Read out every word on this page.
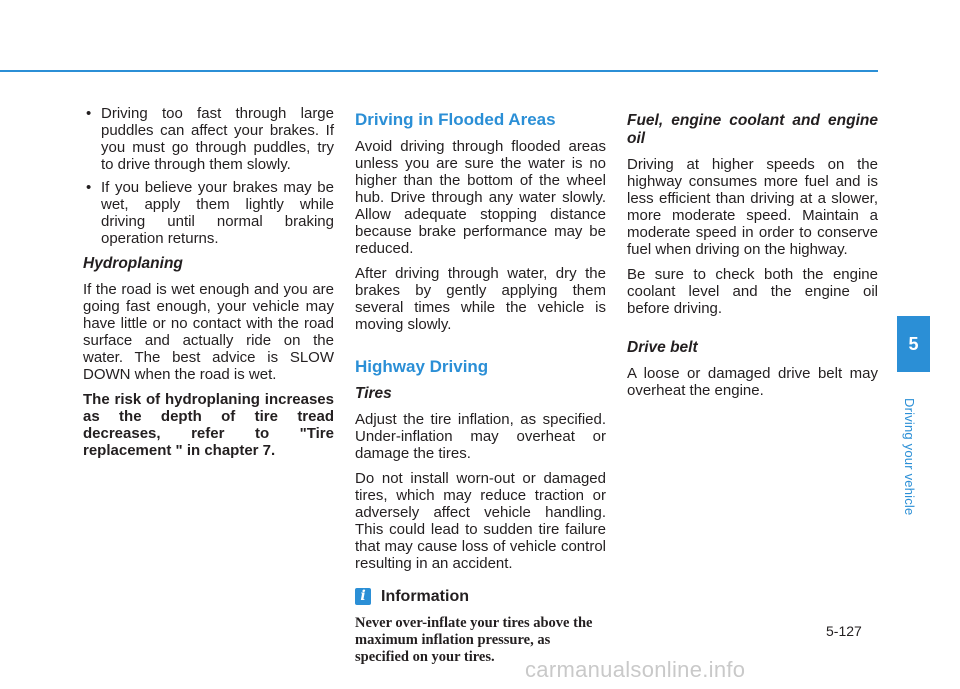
• Driving too fast through large puddles can affect your brakes. If you must go through puddles, try to drive through them slowly.
• If you believe your brakes may be wet, apply them lightly while driving until normal braking operation returns.
Hydroplaning

If the road is wet enough and you are going fast enough, your vehicle may have little or no contact with the road surface and actually ride on the water. The best advice is SLOW DOWN when the road is wet.

The risk of hydroplaning increases as the depth of tire tread decreases, refer to "Tire replacement " in chapter 7.

Driving in Flooded Areas

Avoid driving through flooded areas unless you are sure the water is no higher than the bottom of the wheel hub. Drive through any water slowly. Allow adequate stopping distance because brake performance may be reduced.

After driving through water, dry the brakes by gently applying them several times while the vehicle is moving slowly.

Highway Driving
Tires

Adjust the tire inflation, as specified. Under-inflation may overheat or damage the tires.

Do not install worn-out or damaged tires, which may reduce traction or adversely affect vehicle handling. This could lead to sudden tire failure that may cause loss of vehicle control resulting in an accident.

i Information

Never over-inflate your tires above the maximum inflation pressure, as specified on your tires.

Fuel, engine coolant and engine oil

Driving at higher speeds on the highway consumes more fuel and is less efficient than driving at a slower, more moderate speed. Maintain a moderate speed in order to conserve fuel when driving on the highway.

Be sure to check both the engine coolant level and the engine oil before driving.

Drive belt

A loose or damaged drive belt may overheat the engine.

5
Driving your vehicle
5-127
carmanualsonline.info
